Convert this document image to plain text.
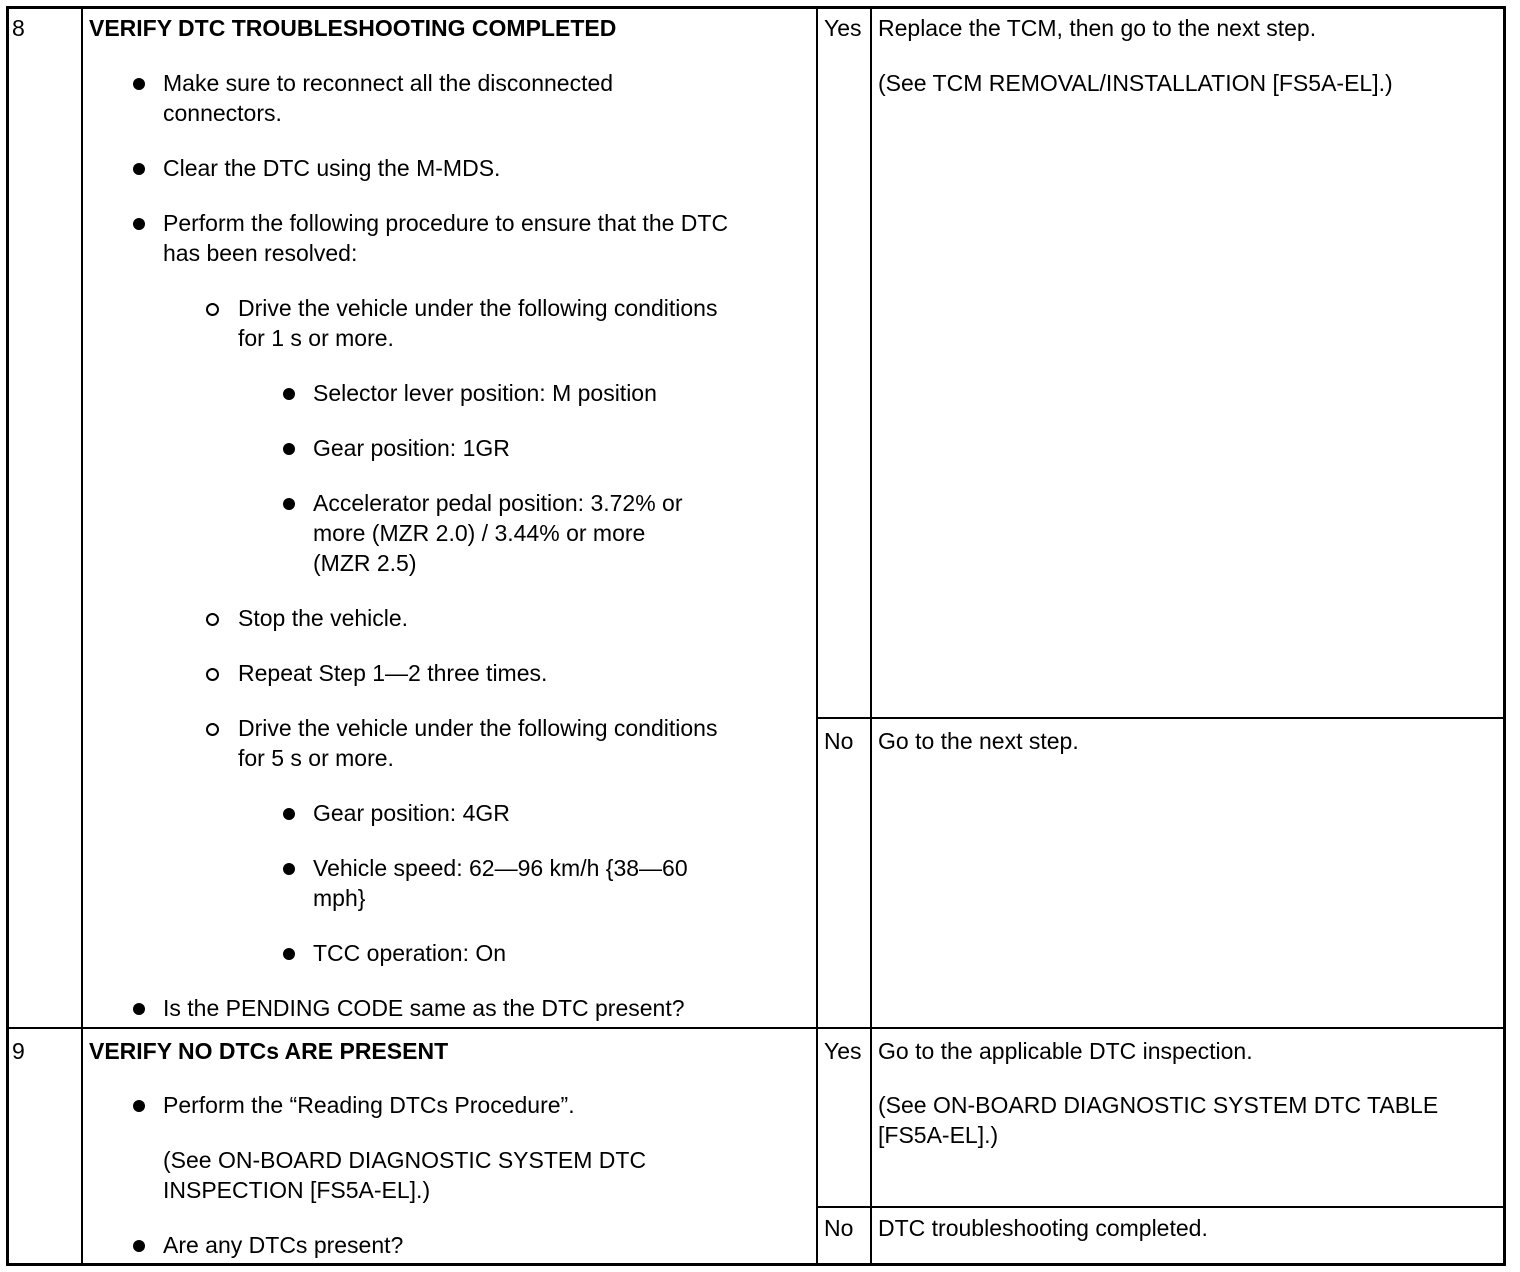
8	VERIFY DTC TROUBLESHOOTING COMPLETED
Make sure to reconnect all the disconnected
connectors.
Clear the DTC using the M-MDS.
Perform the following procedure to ensure that the DTC
has been resolved:
Drive the vehicle under the following conditions
for 1 s or more.
Selector lever position: M position
Gear position: 1GR
Accelerator pedal position: 3.72% or
more (MZR 2.0) / 3.44% or more
(MZR 2.5)
Stop the vehicle.
Repeat Step 1—2 three times.
Drive the vehicle under the following conditions
for 5 s or more.
Gear position: 4GR
Vehicle speed: 62—96 km/h {38—60
mph}
TCC operation: On
Is the PENDING CODE same as the DTC present?
Yes Replace the TCM, then go to the next step.
(See TCM REMOVAL/INSTALLATION [FS5A-EL].)
No Go to the next step.
9	VERIFY NO DTCs ARE PRESENT
Perform the “Reading DTCs Procedure”.
(See ON-BOARD DIAGNOSTIC SYSTEM DTC
INSPECTION [FS5A-EL].)
Are any DTCs present?
Yes Go to the applicable DTC inspection.
(See ON-BOARD DIAGNOSTIC SYSTEM DTC TABLE
[FS5A-EL].)
No DTC troubleshooting completed.
